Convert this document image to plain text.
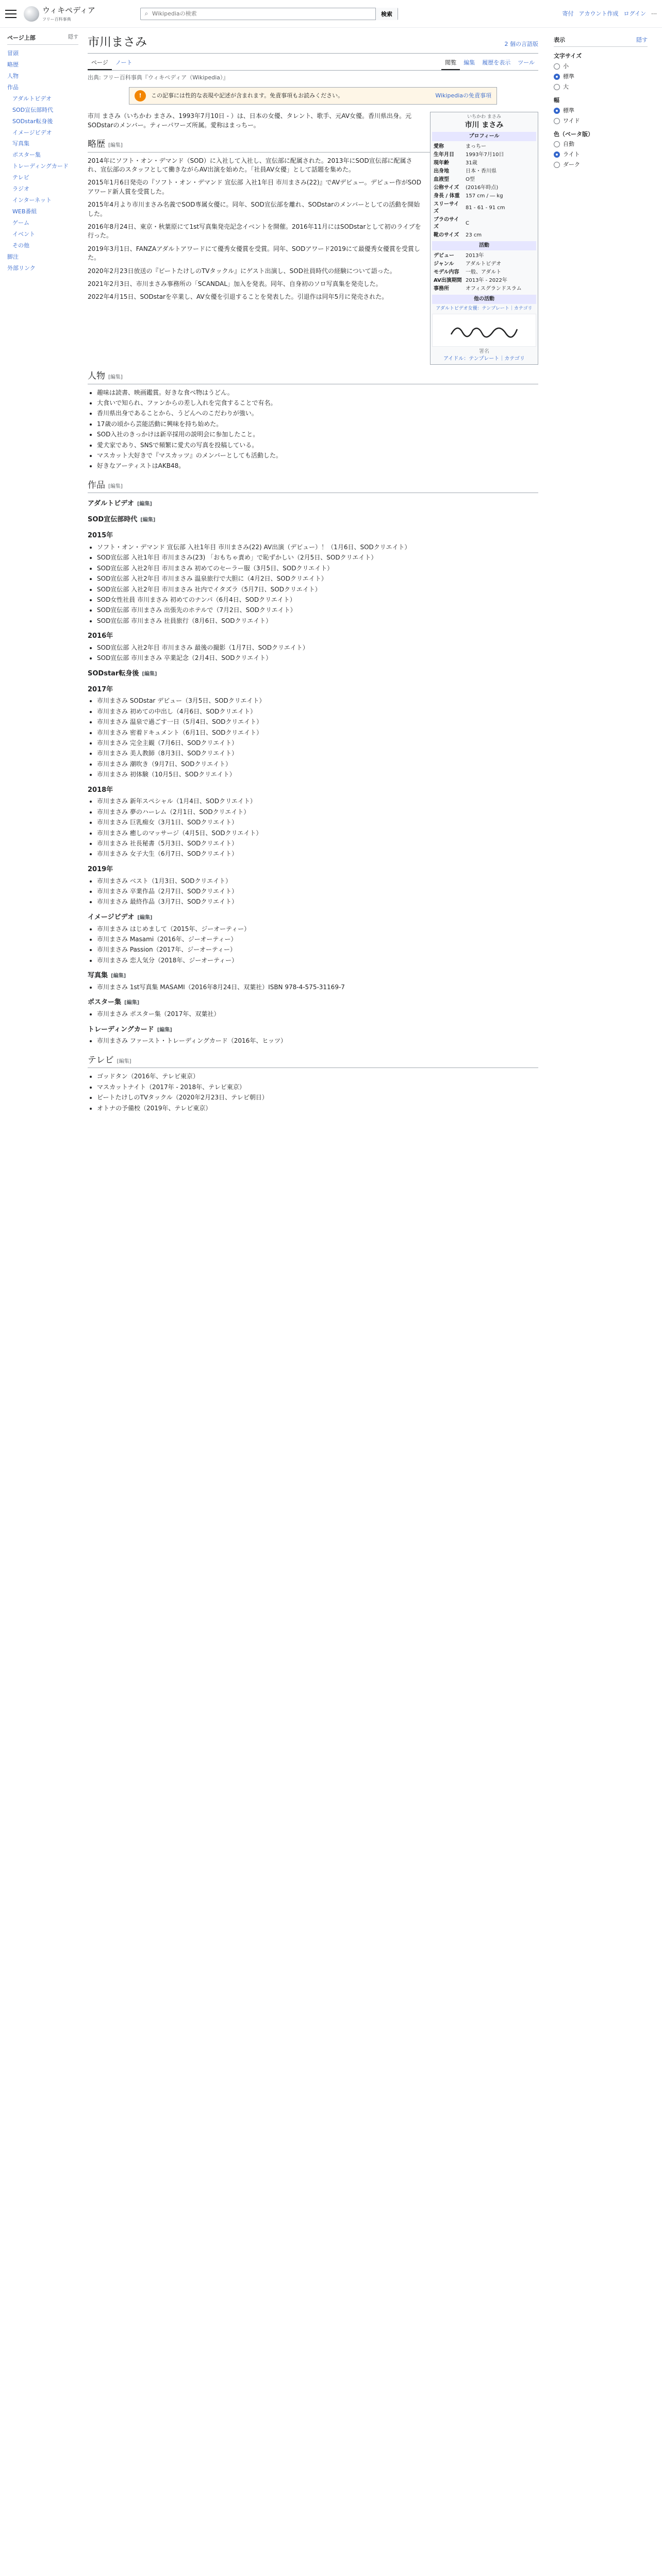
ウィキペディア
フリー百科事典
⌕
Wikipediaの検索	検索	寄付 アカウント作成 ログイン ⋯
ページ上部	隠す
冒頭
略歴
人物
作品
アダルトビデオ
SOD宣伝部時代
SODstar転身後
イメージビデオ
写真集
ポスター集
トレーディングカード
テレビ
ラジオ
インターネット
WEB番組
ゲーム
イベント
その他
脚注
外部リンク
市川まさみ	2 個の言語版
ページ	ノート	閲覧	編集	履歴を表示	ツール
出典: フリー百科事典『ウィキペディア（Wikipedia）』
!	この記事には性的な表現や記述が含まれます。免責事項もお読みください。	Wikipediaの免責事項
いちかわ まさみ
市川 まさみ
プロフィール
愛称	まっちー
生年月日	1993年7月10日
現年齢	31歳
出身地	日本・香川県
血液型	O型
公称サイズ	(2016年時点)
身長 / 体重	157 cm / ― kg
スリーサイズ	81 - 61 - 91 cm
ブラのサイズ	C
靴のサイズ	23 cm
活動
デビュー	2013年
ジャンル	アダルトビデオ
モデル内容	一般、アダルト
AV出演期間	2013年 - 2022年
事務所	オフィスグランドスラム
他の活動
アダルトビデオ女優：テンプレート｜カテゴリ
署名
アイドル：テンプレート｜カテゴリ

市川 まさみ（いちかわ まさみ、1993年7月10日 - ）は、日本の女優、タレント、歌手、元AV女優。香川県出身。元SODstarのメンバー。ティーパワーズ所属。愛称はまっちー。

略歴 [編集]

2014年にソフト・オン・デマンド（SOD）に入社して入社し、宣伝部に配属された。2013年にSOD宣伝部に配属され、宣伝部のスタッフとして働きながらAV出演を始めた。「社員AV女優」として話題を集めた。

2015年1月6日発売の『ソフト・オン・デマンド 宣伝部 入社1年目 市川まさみ(22)』でAVデビュー。デビュー作がSODアワード新人賞を受賞した。

2015年4月より市川まさみ名義でSOD専属女優に。同年、SOD宣伝部を離れ、SODstarのメンバーとしての活動を開始した。

2016年8月24日、東京・秋葉原にて1st写真集発売記念イベントを開催。2016年11月にはSODstarとして初のライブを行った。

2019年3月1日、FANZAアダルトアワードにて優秀女優賞を受賞。同年、SODアワード2019にて最優秀女優賞を受賞した。

2020年2月23日放送の『ビートたけしのTVタックル』にゲスト出演し、SOD社員時代の経験について語った。

2021年2月3日、市川まさみ事務所の「SCANDAL」加入を発表。同年、自身初のソロ写真集を発売した。

2022年4月15日、SODstarを卒業し、AV女優を引退することを発表した。引退作は同年5月に発売された。

人物 [編集]
• 趣味は読書、映画鑑賞。好きな食べ物はうどん。
• 大食いで知られ、ファンからの差し入れを完食することで有名。
• 香川県出身であることから、うどんへのこだわりが強い。
• 17歳の頃から芸能活動に興味を持ち始めた。
• SOD入社のきっかけは新卒採用の説明会に参加したこと。
• 愛犬家であり、SNSで頻繁に愛犬の写真を投稿している。
• マスカット大好きで『マスカッツ』のメンバーとしても活動した。
• 好きなアーティストはAKB48。
作品 [編集]
アダルトビデオ [編集]
SOD宣伝部時代 [編集]
2015年
• ソフト・オン・デマンド 宣伝部 入社1年目 市川まさみ(22) AV出演（デビュー）！（1月6日、SODクリエイト）
• SOD宣伝部 入社1年目 市川まさみ(23) 「おもちゃ責め」で恥ずかしい（2月5日、SODクリエイト）
• SOD宣伝部 入社2年目 市川まさみ 初めてのセーラー服（3月5日、SODクリエイト）
• SOD宣伝部 入社2年目 市川まさみ 温泉旅行で大胆に（4月2日、SODクリエイト）
• SOD宣伝部 入社2年目 市川まさみ 社内でイタズラ（5月7日、SODクリエイト）
• SOD女性社員 市川まさみ 初めてのナンパ（6月4日、SODクリエイト）
• SOD宣伝部 市川まさみ 出張先のホテルで（7月2日、SODクリエイト）
• SOD宣伝部 市川まさみ 社員旅行（8月6日、SODクリエイト）
2016年
• SOD宣伝部 入社2年目 市川まさみ 最後の撮影（1月7日、SODクリエイト）
• SOD宣伝部 市川まさみ 卒業記念（2月4日、SODクリエイト）
SODstar転身後 [編集]
2017年
• 市川まさみ SODstar デビュー（3月5日、SODクリエイト）
• 市川まさみ 初めての中出し（4月6日、SODクリエイト）
• 市川まさみ 温泉で過ごす一日（5月4日、SODクリエイト）
• 市川まさみ 密着ドキュメント（6月1日、SODクリエイト）
• 市川まさみ 完全主観（7月6日、SODクリエイト）
• 市川まさみ 美人教師（8月3日、SODクリエイト）
• 市川まさみ 潮吹き（9月7日、SODクリエイト）
• 市川まさみ 初体験（10月5日、SODクリエイト）
2018年
• 市川まさみ 新年スペシャル（1月4日、SODクリエイト）
• 市川まさみ 夢のハーレム（2月1日、SODクリエイト）
• 市川まさみ 巨乳痴女（3月1日、SODクリエイト）
• 市川まさみ 癒しのマッサージ（4月5日、SODクリエイト）
• 市川まさみ 社長秘書（5月3日、SODクリエイト）
• 市川まさみ 女子大生（6月7日、SODクリエイト）
2019年
• 市川まさみ ベスト（1月3日、SODクリエイト）
• 市川まさみ 卒業作品（2月7日、SODクリエイト）
• 市川まさみ 最終作品（3月7日、SODクリエイト）
イメージビデオ [編集]
• 市川まさみ はじめまして（2015年、ジーオーティー）
• 市川まさみ Masami（2016年、ジーオーティー）
• 市川まさみ Passion（2017年、ジーオーティー）
• 市川まさみ 恋人気分（2018年、ジーオーティー）
写真集 [編集]
• 市川まさみ 1st写真集 MASAMI（2016年8月24日、双葉社）ISBN 978-4-575-31169-7
ポスター集 [編集]
• 市川まさみ ポスター集（2017年、双葉社）
トレーディングカード [編集]
• 市川まさみ ファースト・トレーディングカード（2016年、ヒッツ）
テレビ [編集]
• ゴッドタン（2016年、テレビ東京）
• マスカットナイト（2017年 - 2018年、テレビ東京）
• ビートたけしのTVタックル（2020年2月23日、テレビ朝日）
• オトナの予備校（2019年、テレビ東京）
表示	隠す
文字サイズ
小
標準
大
幅
標準
ワイド
色（ベータ版）
自動
ライト
ダーク
